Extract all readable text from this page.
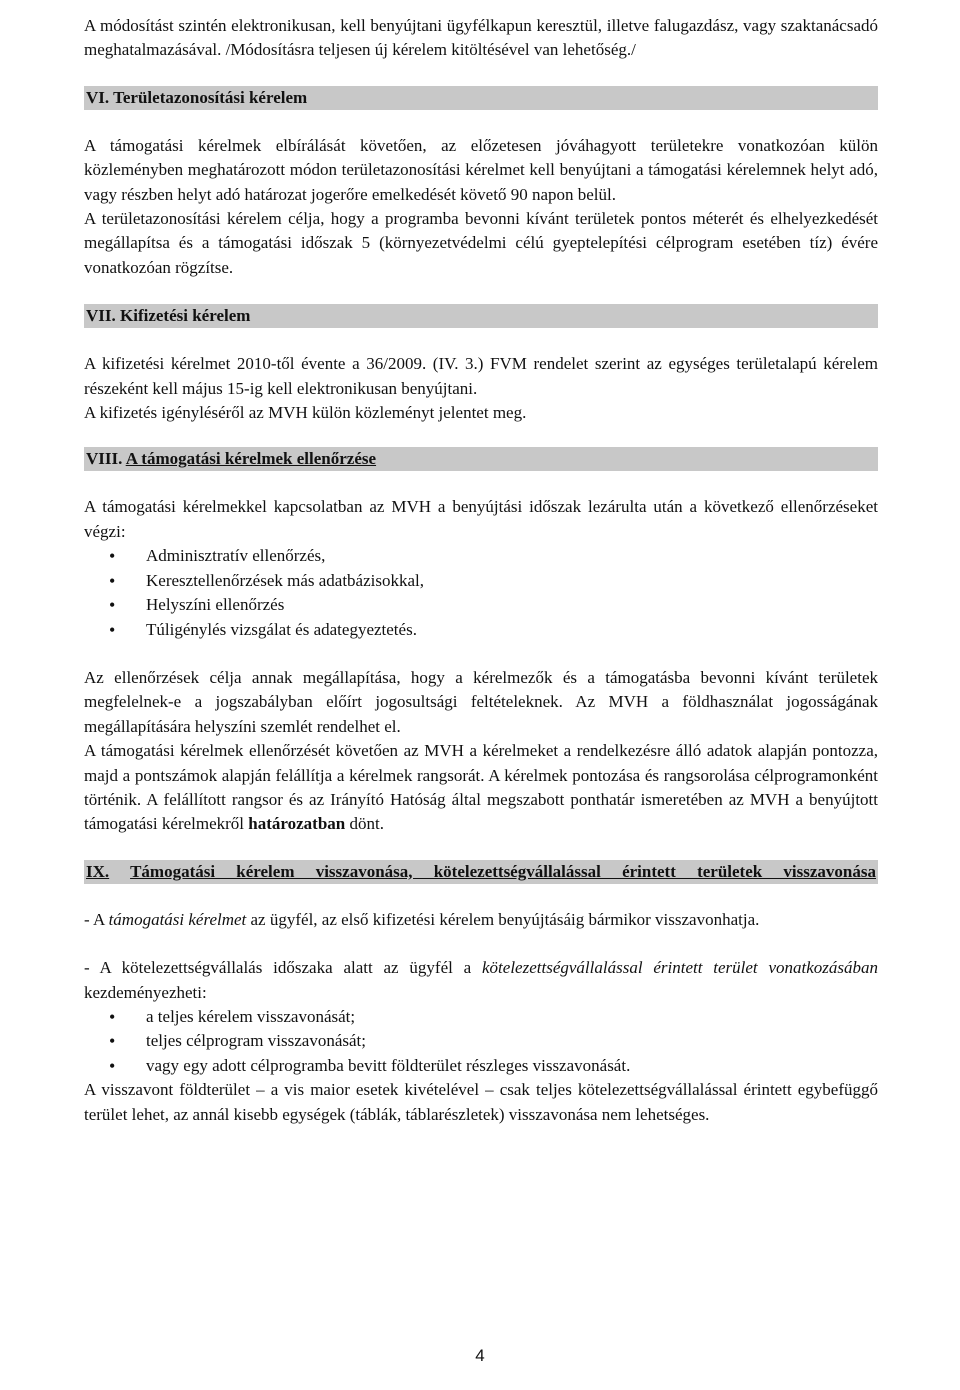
A módosítást szintén elektronikusan, kell benyújtani ügyfélkapun keresztül, illetve falugazdász, vagy szaktanácsadó meghatalmazásával. /Módosításra teljesen új kérelem kitöltésével van lehetőség./

VI. Területazonosítási kérelem

A támogatási kérelmek elbírálását követően, az előzetesen jóváhagyott területekre vonatkozóan külön közleményben meghatározott módon területazonosítási kérelmet kell benyújtani a támogatási kérelemnek helyt adó, vagy részben helyt adó határozat jogerőre emelkedését követő 90 napon belül.

A területazonosítási kérelem célja, hogy a programba bevonni kívánt területek pontos méterét és elhelyezkedését megállapítsa és a támogatási időszak 5 (környezetvédelmi célú gyeptelepítési célprogram esetében tíz) évére vonatkozóan rögzítse.

VII. Kifizetési kérelem

A kifizetési kérelmet 2010-től évente a 36/2009. (IV. 3.) FVM rendelet szerint az egységes területalapú kérelem részeként kell május 15-ig kell elektronikusan benyújtani.

A kifizetés igényléséről az MVH külön közleményt jelentet meg.

VIII. A támogatási kérelmek ellenőrzése

A támogatási kérelmekkel kapcsolatban az MVH a benyújtási időszak lezárulta után a következő ellenőrzéseket végzi:

• Adminisztratív ellenőrzés,
• Keresztellenőrzések más adatbázisokkal,
• Helyszíni ellenőrzés
• Túligénylés vizsgálat és adategyeztetés.

Az ellenőrzések célja annak megállapítása, hogy a kérelmezők és a támogatásba bevonni kívánt területek megfelelnek-e a jogszabályban előírt jogosultsági feltételeknek. Az MVH a földhasználat jogosságának megállapítására helyszíni szemlét rendelhet el.

A támogatási kérelmek ellenőrzését követően az MVH a kérelmeket a rendelkezésre álló adatok alapján pontozza, majd a pontszámok alapján felállítja a kérelmek rangsorát. A kérelmek pontozása és rangsorolása célprogramonként történik. A felállított rangsor és az Irányító Hatóság által megszabott ponthatár ismeretében az MVH a benyújtott támogatási kérelmekről határozatban dönt.

IX. Támogatási kérelem visszavonása, kötelezettségvállalással érintett területek visszavonása

- A támogatási kérelmet az ügyfél, az első kifizetési kérelem benyújtásáig bármikor visszavonhatja.

- A kötelezettségvállalás időszaka alatt az ügyfél a kötelezettségvállalással érintett terület vonatkozásában kezdeményezheti:

• a teljes kérelem visszavonását;
• teljes célprogram visszavonását;
• vagy egy adott célprogramba bevitt földterület részleges visszavonását.

A visszavont földterület – a vis maior esetek kivételével – csak teljes kötelezettségvállalással érintett egybefüggő terület lehet, az annál kisebb egységek (táblák, táblarészletek) visszavonása nem lehetséges.

4
